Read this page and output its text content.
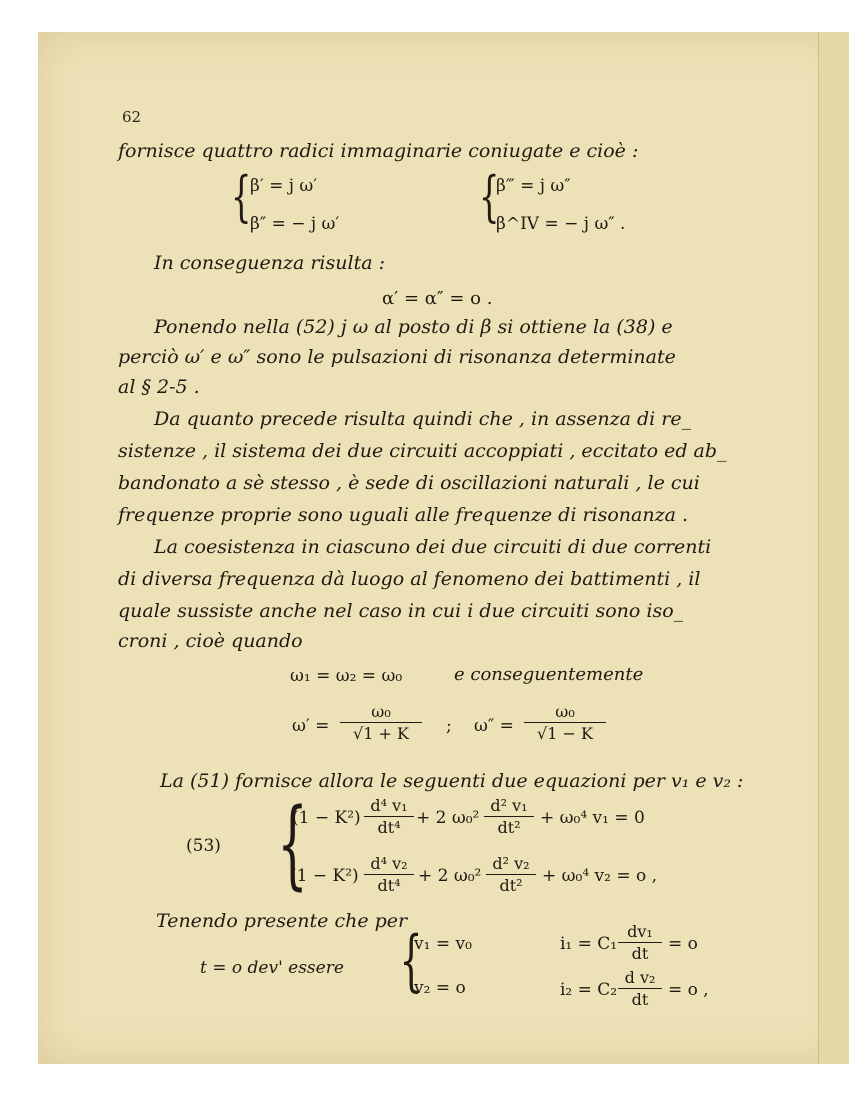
62
fornisce quattro radici immaginarie coniugate e cioè :
{
β′ = j ω′
β″ = − j ω′	{
β‴ = j ω″
β^IV = − j ω″ .
In conseguenza risulta :
α′ = α″ = o .
Ponendo nella (52) j ω al posto di β si ottiene la (38) e
perciò ω′ e ω″ sono le pulsazioni di risonanza determinate
al § 2-5 .
Da quanto precede risulta quindi che , in assenza di re_
sistenze , il sistema dei due circuiti accoppiati , eccitato ed ab_
bandonato a sè stesso , è sede di oscillazioni naturali , le cui
frequenze proprie sono uguali alle frequenze di risonanza .
La coesistenza in ciascuno dei due circuiti di due correnti
di diversa frequenza dà luogo al fenomeno dei battimenti , il
quale sussiste anche nel caso in cui i due circuiti sono iso_
croni , cioè quando
ω₁ = ω₂ = ω₀	e conseguentemente
ω′ =
ω₀
√1 + K ; ω″ =
ω₀
√1 − K
La (51) fornisce allora le seguenti due equazioni per v₁ e v₂ :
(53) {
(1 − K²)
d⁴ v₁
dt⁴ + 2 ω₀²
d² v₁
dt² + ω₀⁴ v₁ = 0
(1 − K²)
d⁴ v₂
dt⁴ + 2 ω₀²
d² v₂
dt² + ω₀⁴ v₂ = o ,
Tenendo presente che per
t = o dev' essere {
v₁ = v₀
v₂ = o
i₁ = C₁
dv₁
dt = o
i₂ = C₂
d v₂
dt = o ,
